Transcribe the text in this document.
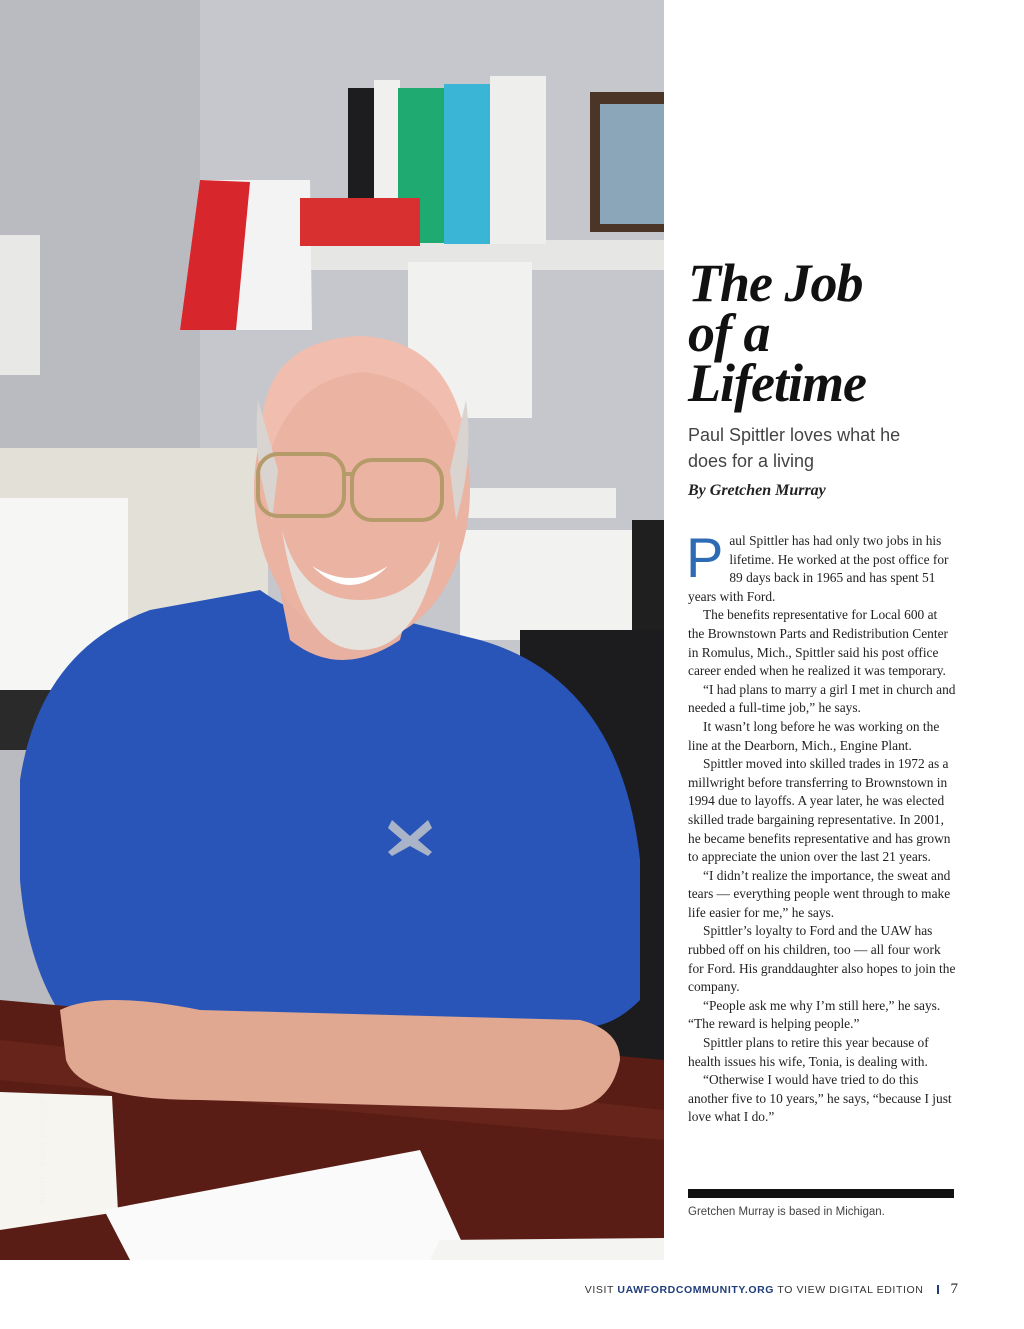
PHOTO: BRAD ZIEGLER
The Job
of a
Lifetime

Paul Spittler loves what he does for a living

By Gretchen Murray

Paul Spittler has had only two jobs in his lifetime. He worked at the post office for 89 days back in 1965 and has spent 51 years with Ford.

The benefits representative for Local 600 at the Brownstown Parts and Redistribution Center in Romulus, Mich., Spittler said his post office career ended when he realized it was temporary.

“I had plans to marry a girl I met in church and needed a full-time job,” he says.

It wasn’t long before he was working on the line at the Dearborn, Mich., Engine Plant.

Spittler moved into skilled trades in 1972 as a millwright before transferring to Brownstown in 1994 due to layoffs. A year later, he was elected skilled trade bargaining representative. In 2001, he became benefits representative and has grown to appreciate the union over the last 21 years.

“I didn’t realize the importance, the sweat and tears — everything people went through to make life easier for me,” he says.

Spittler’s loyalty to Ford and the UAW has rubbed off on his children, too — all four work for Ford. His granddaughter also hopes to join the company.

“People ask me why I’m still here,” he says. “The reward is helping people.”

Spittler plans to retire this year because of health issues his wife, Tonia, is dealing with.

“Otherwise I would have tried to do this another five to 10 years,” he says, “because I just love what I do.”

Gretchen Murray is based in Michigan.
VISIT UAWFORDCOMMUNITY.ORG TO VIEW DIGITAL EDITION 7
